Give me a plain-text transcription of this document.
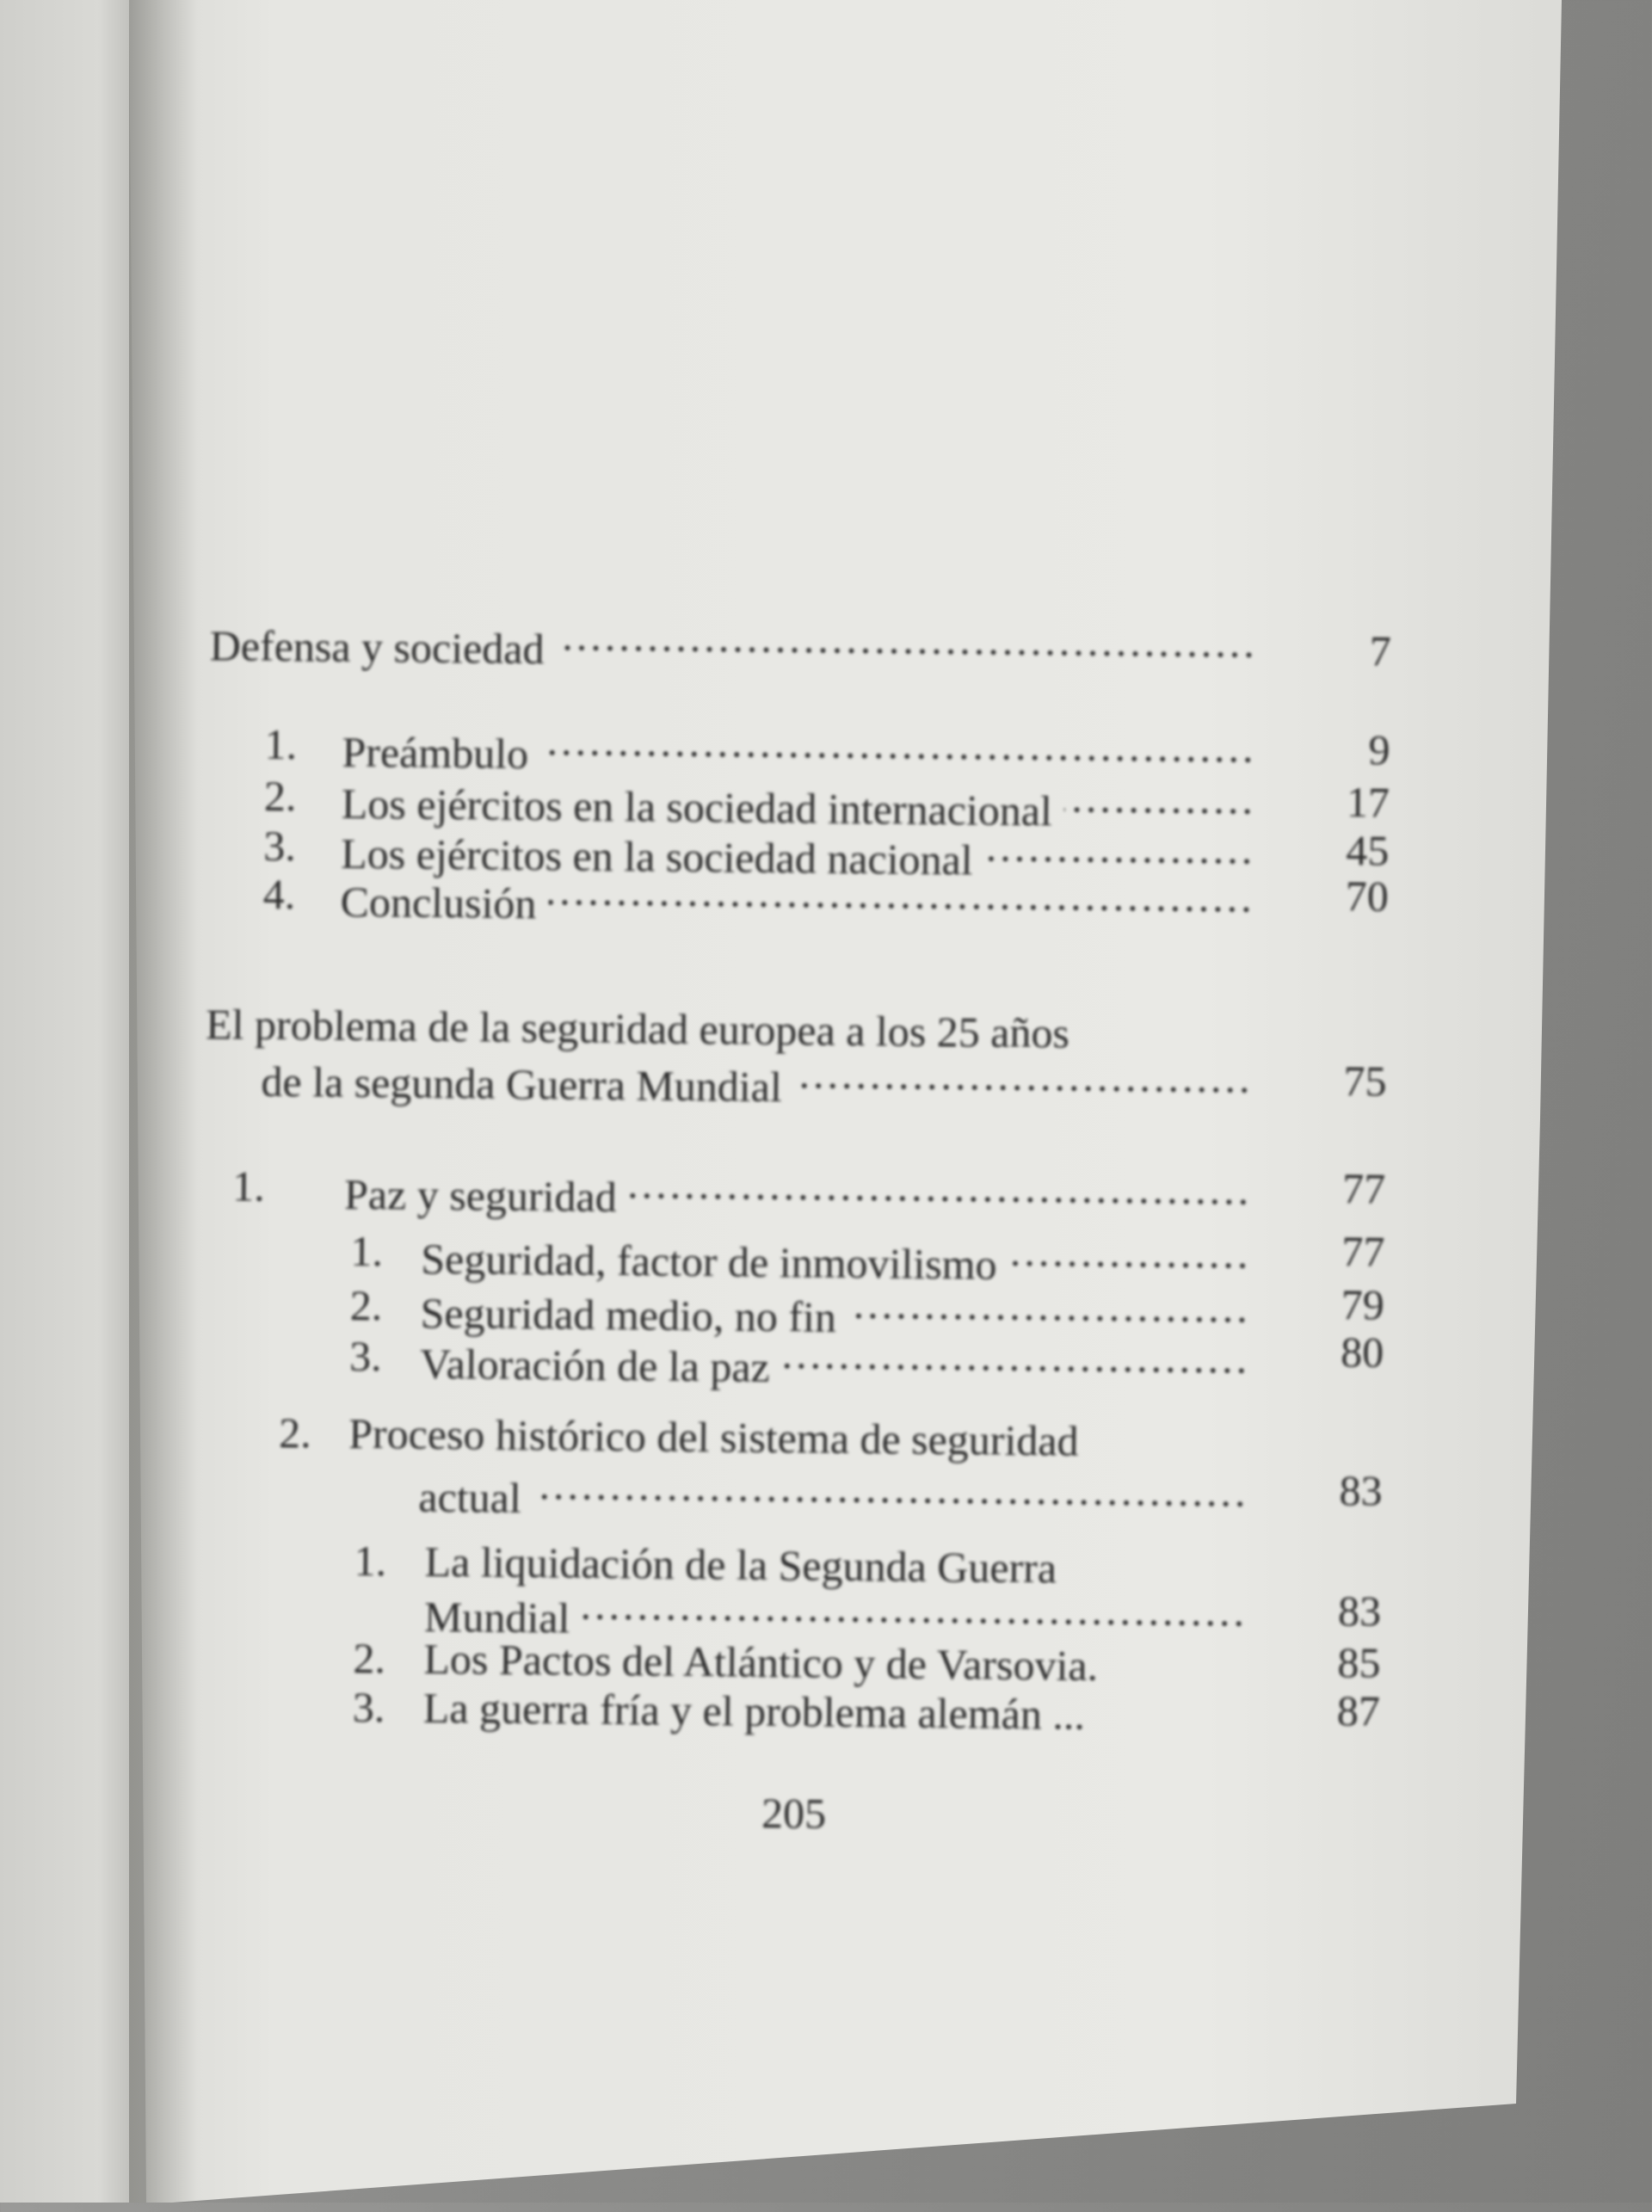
Defensa y sociedad .....	7
1. Preámbulo .....	9
2. Los ejércitos en la sociedad internacional .....	17
3. Los ejércitos en la sociedad nacional .....	45
4. Conclusión .....	70
El problema de la seguridad europea a los 25 años
de la segunda Guerra Mundial .....	75
1. Paz y seguridad .....	77
1. Seguridad, factor de inmovilismo .....	77
2. Seguridad medio, no fin .....	79
3. Valoración de la paz .....	80
2. Proceso histórico del sistema de seguridad
actual .....	83
1. La liquidación de la Segunda Guerra
Mundial .....	83
2. Los Pactos del Atlántico y de Varsovia.	85
3. La guerra fría y el problema alemán ...	87
205
